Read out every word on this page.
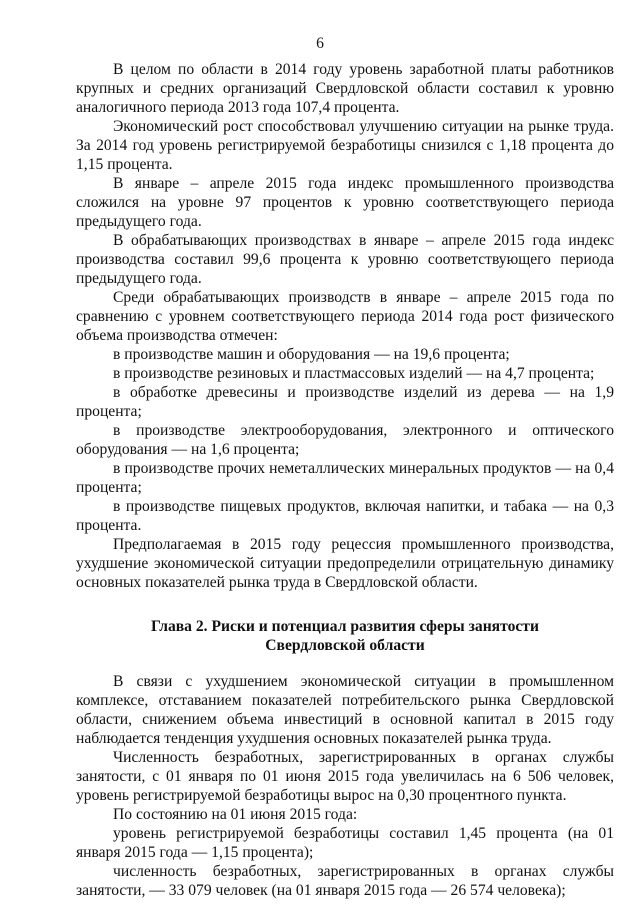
6

В целом по области в 2014 году уровень заработной платы работников крупных и средних организаций Свердловской области составил к уровню аналогичного периода 2013 года 107,4 процента.

Экономический рост способствовал улучшению ситуации на рынке труда. За 2014 год уровень регистрируемой безработицы снизился с 1,18 процента до 1,15 процента.

В январе – апреле 2015 года индекс промышленного производства сложился на уровне 97 процентов к уровню соответствующего периода предыдущего года.

В обрабатывающих производствах в январе – апреле 2015 года индекс производства составил 99,6 процента к уровню соответствующего периода предыдущего года.

Среди обрабатывающих производств в январе – апреле 2015 года по сравнению с уровнем соответствующего периода 2014 года рост физического объема производства отмечен:

в производстве машин и оборудования — на 19,6 процента;

в производстве резиновых и пластмассовых изделий — на 4,7 процента;

в обработке древесины и производстве изделий из дерева — на 1,9 процента;

в производстве электрооборудования, электронного и оптического оборудования — на 1,6 процента;

в производстве прочих неметаллических минеральных продуктов — на 0,4 процента;

в производстве пищевых продуктов, включая напитки, и табака — на 0,3 процента.

Предполагаемая в 2015 году рецессия промышленного производства, ухудшение экономической ситуации предопределили отрицательную динамику основных показателей рынка труда в Свердловской области.

Глава 2. Риски и потенциал развития сферы занятости
Свердловской области

В связи с ухудшением экономической ситуации в промышленном комплексе, отставанием показателей потребительского рынка Свердловской области, снижением объема инвестиций в основной капитал в 2015 году наблюдается тенденция ухудшения основных показателей рынка труда.

Численность безработных, зарегистрированных в органах службы занятости, с 01 января по 01 июня 2015 года увеличилась на 6 506 человек, уровень регистрируемой безработицы вырос на 0,30 процентного пункта.

По состоянию на 01 июня 2015 года:

уровень регистрируемой безработицы составил 1,45 процента (на 01 января 2015 года — 1,15 процента);

численность безработных, зарегистрированных в органах службы занятости, — 33 079 человек (на 01 января 2015 года — 26 574 человека);
